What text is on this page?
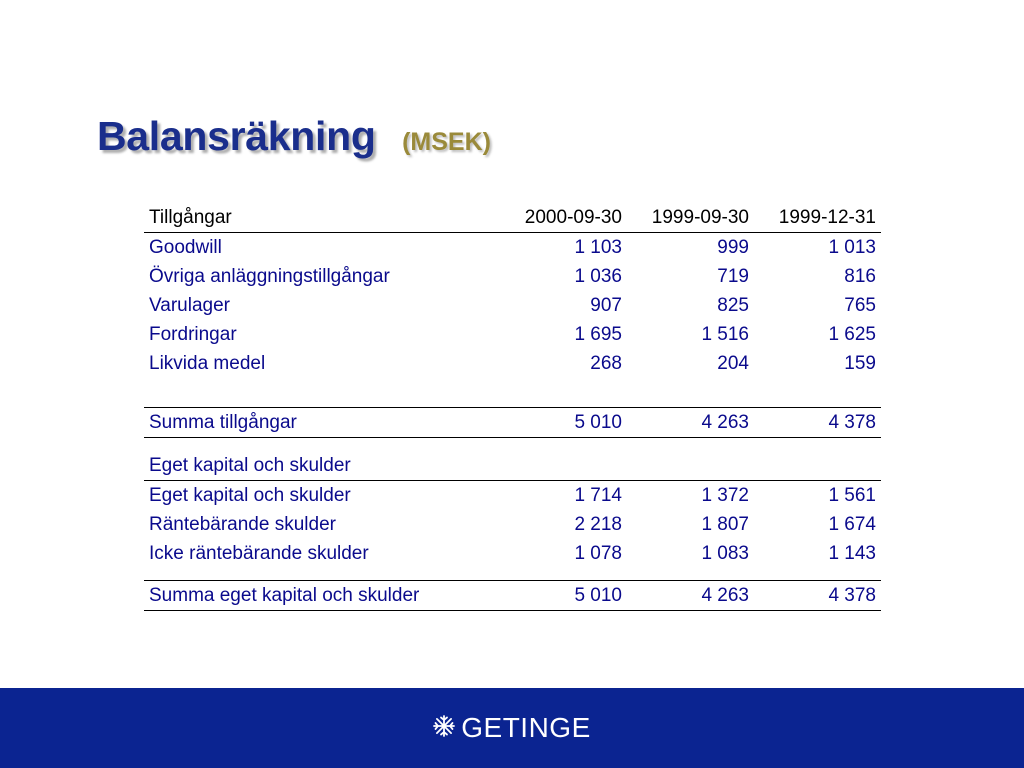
Balansräkning (MSEK)
Tillgångar	2000-09-30	1999-09-30	1999-12-31
Goodwill	1 103	999	1 013
Övriga anläggningstillgångar	1 036	719	816
Varulager	907	825	765
Fordringar	1 695	1 516	1 625
Likvida medel	268	204	159
Summa tillgångar	5 010	4 263	4 378

Eget kapital och skulder			
Eget kapital och skulder	1 714	1 372	1 561
Räntebärande skulder	2 218	1 807	1 674
Icke räntebärande skulder	1 078	1 083	1 143
Summa eget kapital och skulder	5 010	4 263	4 378
GETINGE
